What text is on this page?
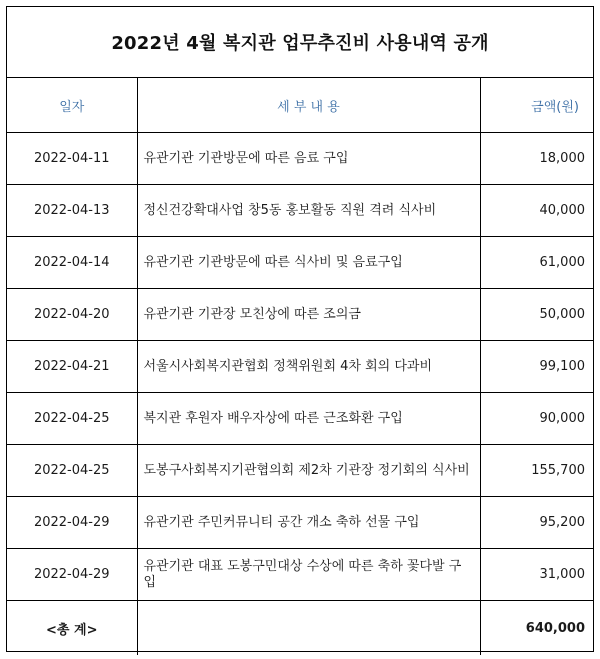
2022년 4월 복지관 업무추진비 사용내역 공개
일자	세 부 내 용	금액(원)
2022-04-11	유관기관 기관방문에 따른 음료 구입	18,000
2022-04-13	정신건강확대사업 창5동 홍보활동 직원 격려 식사비	40,000
2022-04-14	유관기관 기관방문에 따른 식사비 및 음료구입	61,000
2022-04-20	유관기관 기관장 모친상에 따른 조의금	50,000
2022-04-21	서울시사회복지관협회 정책위원회 4차 회의 다과비	99,100
2022-04-25	복지관 후원자 배우자상에 따른 근조화환 구입	90,000
2022-04-25	도봉구사회복지기관협의회 제2차 기관장 정기회의 식사비	155,700
2022-04-29	유관기관 주민커뮤니티 공간 개소 축하 선물 구입	95,200
2022-04-29	유관기관 대표 도봉구민대상 수상에 따른 축하 꽃다발 구입	31,000
<총 계>		640,000
